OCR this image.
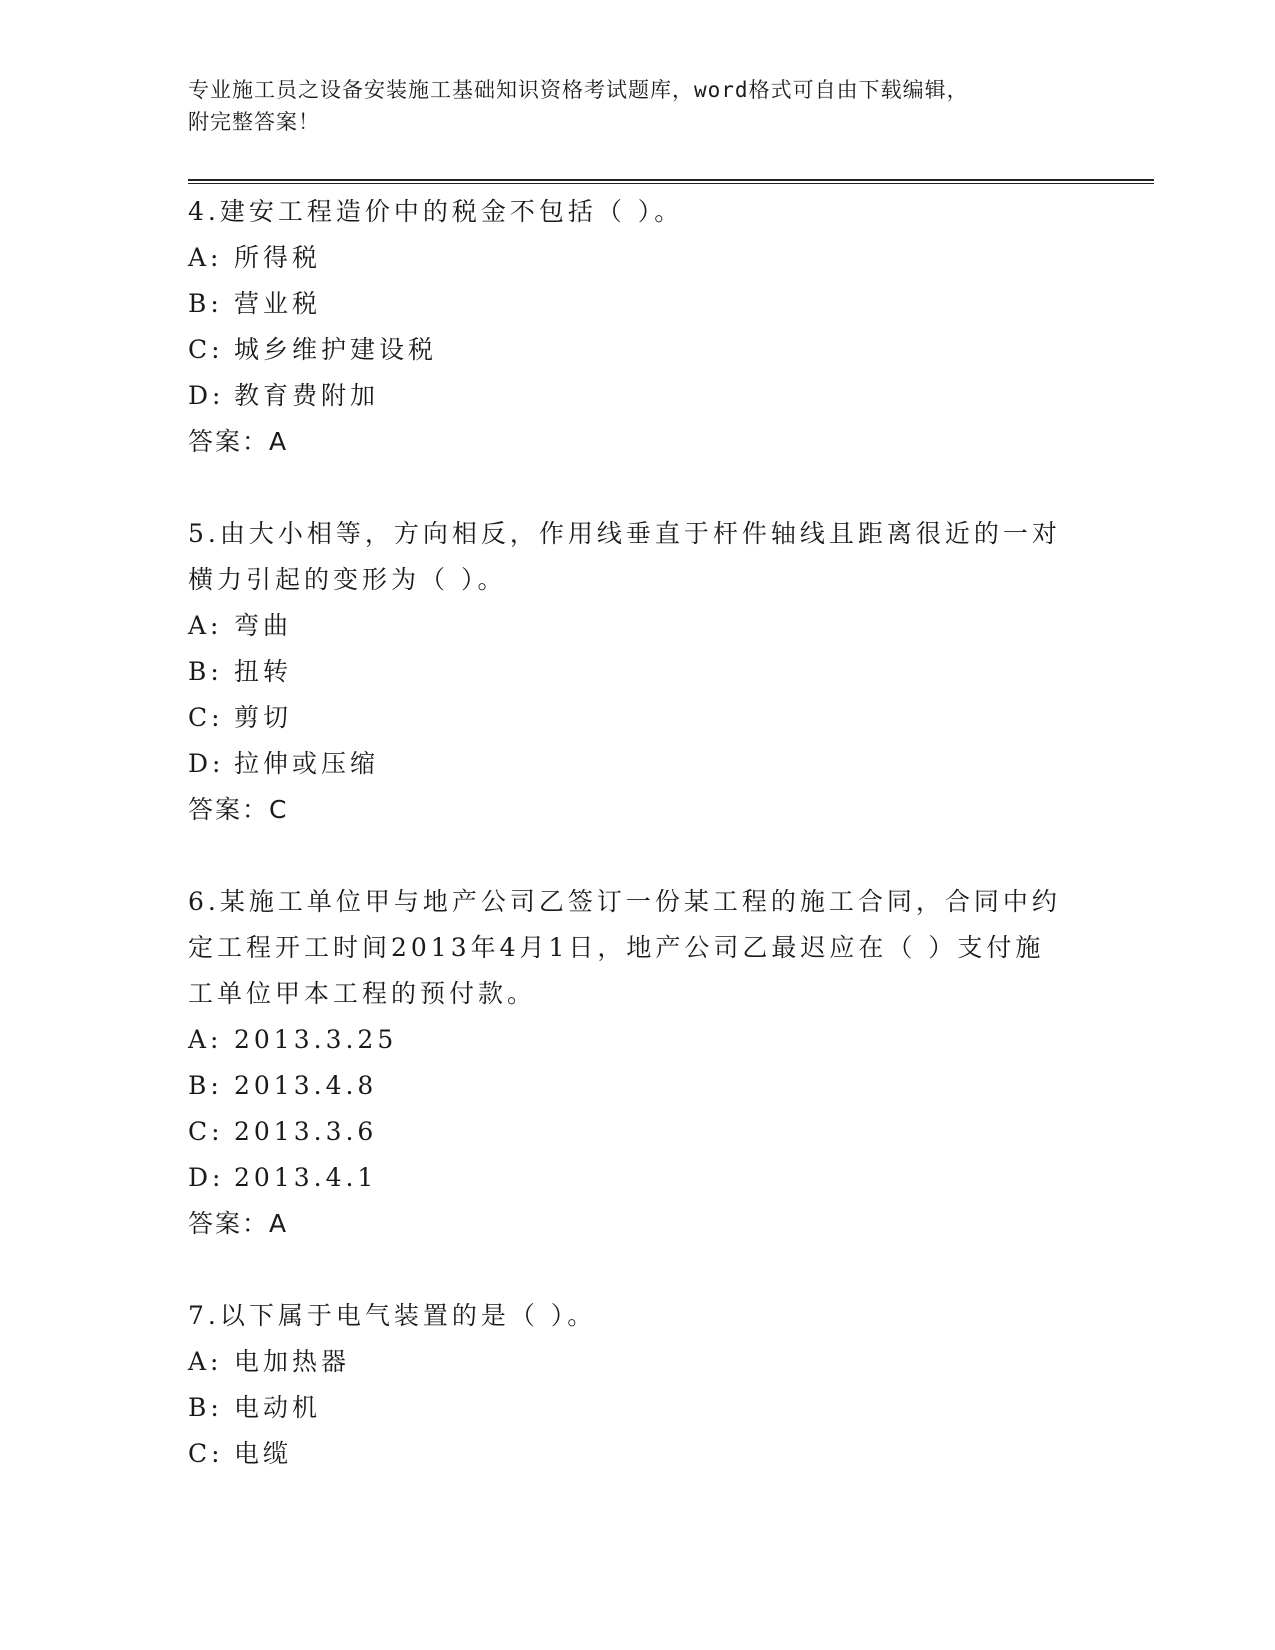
专业施工员之设备安装施工基础知识资格考试题库，word格式可自由下载编辑，
附完整答案！
4.建安工程造价中的税金不包括（ ）。
A: 所得税
B: 营业税
C: 城乡维护建设税
D: 教育费附加
答案：A
5.由大小相等，方向相反，作用线垂直于杆件轴线且距离很近的一对
横力引起的变形为（ ）。
A: 弯曲
B: 扭转
C: 剪切
D: 拉伸或压缩
答案：C
6.某施工单位甲与地产公司乙签订一份某工程的施工合同，合同中约
定工程开工时间2013年4月1日，地产公司乙最迟应在（ ）支付施
工单位甲本工程的预付款。
A: 2013.3.25
B: 2013.4.8
C: 2013.3.6
D: 2013.4.1
答案：A
7.以下属于电气装置的是（ ）。
A: 电加热器
B: 电动机
C: 电缆
